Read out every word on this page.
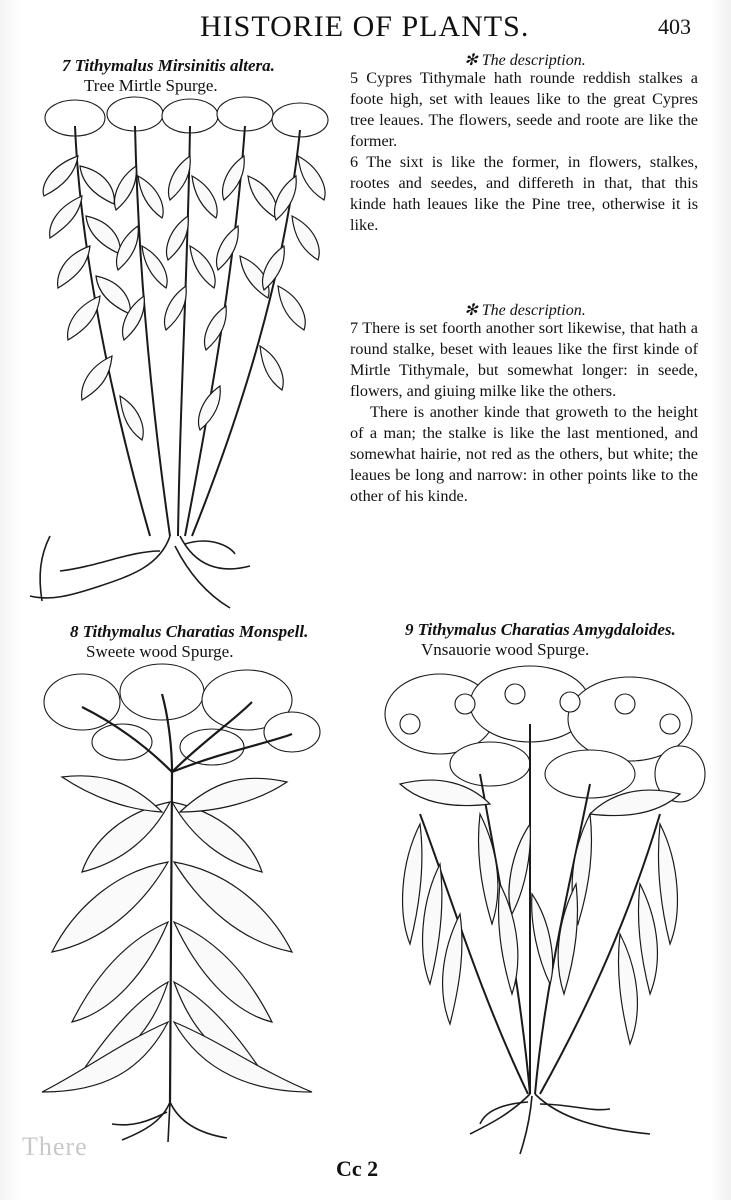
HISTORIE OF PLANTS.	403
7 Tithymalus Mirsinitis altera.
Tree Mirtle Spurge.
✻ The description.

5 Cypres Tithymale hath rounde reddish stalkes a foote high, set with leaues like to the great Cypres tree leaues. The flowers, seede and roote are like the former.

6 The sixt is like the former, in flowers, stalkes, rootes and seedes, and differeth in that, that this kinde hath leaues like the Pine tree, otherwise it is like.

✻ The description.

7 There is set foorth another sort likewise, that hath a round stalke, beset with leaues like the first kinde of Mirtle Tithymale, but somewhat longer: in seede, flowers, and giuing milke like the others.

There is another kinde that groweth to the height of a man; the stalke is like the last mentioned, and somewhat hairie, not red as the others, but white; the leaues be long and narrow: in other points like to the other of his kinde.

8 Tithymalus Charatias Monspell.
Sweete wood Spurge.
9 Tithymalus Charatias Amygdaloides.
Vnsauorie wood Spurge.
There
Cc 2
